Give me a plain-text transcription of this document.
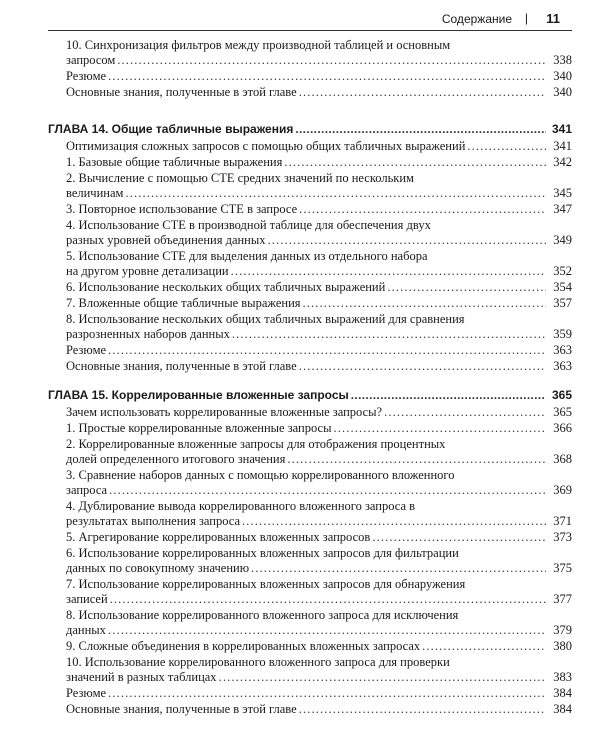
Содержание | 11
10. Синхронизация фильтров между производной таблицей и основным
запросом . . .	338
Резюме . . .	340
Основные знания, полученные в этой главе . . .	340
ГЛАВА 14. Общие табличные выражения . . .	341
Оптимизация сложных запросов с помощью общих табличных выражений . . .	341
1. Базовые общие табличные выражения . . .	342
2. Вычисление с помощью CTE средних значений по нескольким
величинам . . .	345
3. Повторное использование CTE в запросе . . .	347
4. Использование CTE в производной таблице для обеспечения двух
разных уровней объединения данных . . .	349
5. Использование CTE для выделения данных из отдельного набора
на другом уровне детализации . . .	352
6. Использование нескольких общих табличных выражений . . .	354
7. Вложенные общие табличные выражения . . .	357
8. Использование нескольких общих табличных выражений для сравнения
разрозненных наборов данных . . .	359
Резюме . . .	363
Основные знания, полученные в этой главе . . .	363
ГЛАВА 15. Коррелированные вложенные запросы . . .	365
Зачем использовать коррелированные вложенные запросы? . . .	365
1. Простые коррелированные вложенные запросы . . .	366
2. Коррелированные вложенные запросы для отображения процентных
долей определенного итогового значения . . .	368
3. Сравнение наборов данных с помощью коррелированного вложенного
запроса . . .	369
4. Дублирование вывода коррелированного вложенного запроса в
результатах выполнения запроса . . .	371
5. Агрегирование коррелированных вложенных запросов . . .	373
6. Использование коррелированных вложенных запросов для фильтрации
данных по совокупному значению . . .	375
7. Использование коррелированных вложенных запросов для обнаружения
записей . . .	377
8. Использование коррелированного вложенного запроса для исключения
данных . . .	379
9. Сложные объединения в коррелированных вложенных запросах . . .	380
10. Использование коррелированного вложенного запроса для проверки
значений в разных таблицах . . .	383
Резюме . . .	384
Основные знания, полученные в этой главе . . .	384
